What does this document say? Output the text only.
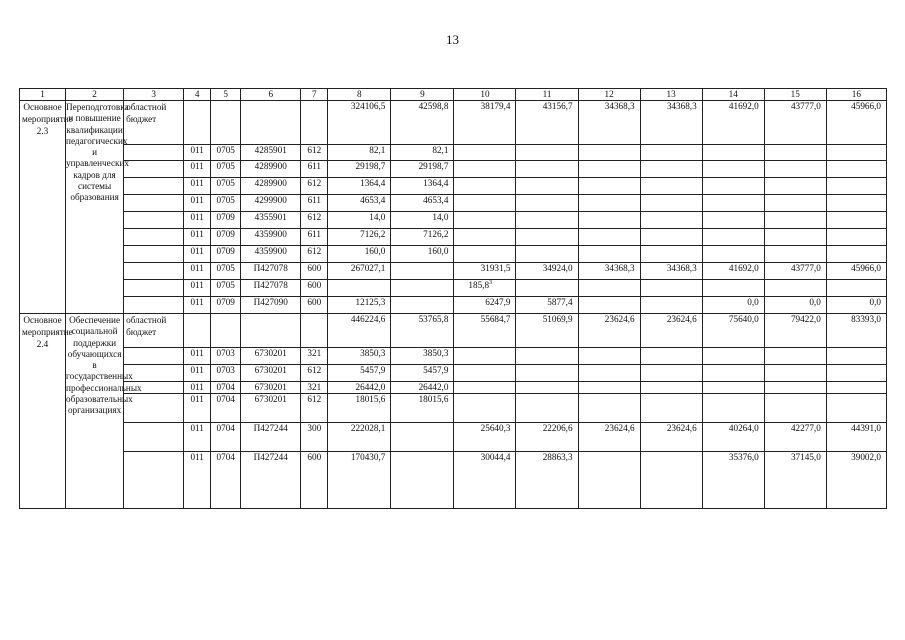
13
1	2	3	4	5	6	7	8	9	10	11	12	13	14	15	16
Основное мероприятие 2.3	Переподготовка и повышение квалификации педагогических и управленческих кадров для системы образования	областной бюджет					324106,5	42598,8	38179,4	43156,7	34368,3	34368,3	41692,0	43777,0	45966,0
			011	0705	4285901	612	82,1	82,1							
			011	0705	4289900	611	29198,7	29198,7							
			011	0705	4289900	612	1364,4	1364,4							
			011	0705	4299900	611	4653,4	4653,4							
			011	0709	4355901	612	14,0	14,0							
			011	0709	4359900	611	7126,2	7126,2							
			011	0709	4359900	612	160,0	160,0							
			011	0705	П427078	600	267027,1		31931,5	34924,0	34368,3	34368,3	41692,0	43777,0	45966,0
			011	0705	П427078	600			185,8$^3$						
			011	0709	П427090	600	12125,3		6247,9	5877,4			0,0	0,0	0,0
Основное мероприятие 2.4	Обеспечение социальной поддержки обучающихся в государственных профессиональных образовательных организациях	областной бюджет					446224,6	53765,8	55684,7	51069,9	23624,6	23624,6	75640,0	79422,0	83393,0
			011	0703	6730201	321	3850,3	3850,3							
			011	0703	6730201	612	5457,9	5457,9							
			011	0704	6730201	321	26442,0	26442,0							
			011	0704	6730201	612	18015,6	18015,6							
			011	0704	П427244	300	222028,1		25640,3	22206,6	23624,6	23624,6	40264,0	42277,0	44391,0
			011	0704	П427244	600	170430,7		30044,4	28863,3			35376,0	37145,0	39002,0
